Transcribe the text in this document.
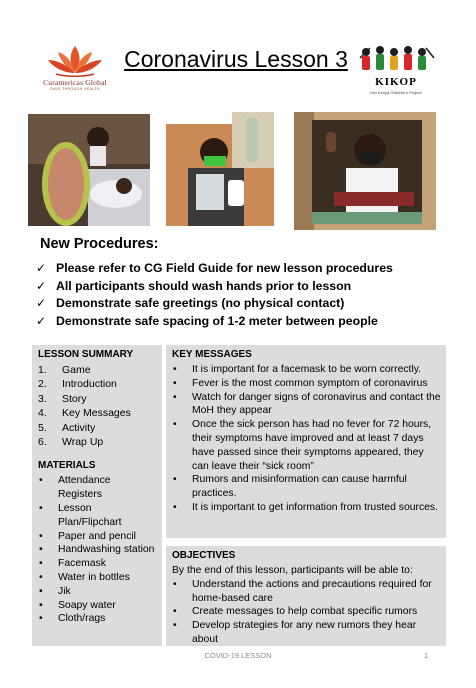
Curamericas Global
SAVE THROUGH HEALTH
Coronavirus Lesson 3
KIKOP
Kizi Kenya Children's Project
New Procedures:
✓ Please refer to CG Field Guide for new lesson procedures
✓ All participants should wash hands prior to lesson
✓ Demonstrate safe greetings (no physical contact)
✓ Demonstrate safe spacing of 1-2 meter between people
LESSON SUMMARY
1. Game
2. Introduction
3. Story
4. Key Messages
5. Activity
6. Wrap Up
MATERIALS
• Attendance Registers
• Lesson Plan/Flipchart
• Paper and pencil
• Handwashing station
• Facemask
• Water in bottles
• Jik
• Soapy water
• Cloth/rags
KEY MESSAGES
• It is important for a facemask to be worn correctly.
• Fever is the most common symptom of coronavirus
• Watch for danger signs of coronavirus and contact the MoH they appear
• Once the sick person has had no fever for 72 hours, their symptoms have improved and at least 7 days have passed since their symptoms appeared, they can leave their “sick room”
• Rumors and misinformation can cause harmful practices.
• It is important to get information from trusted sources.
OBJECTIVES
By the end of this lesson, participants will be able to:
• Understand the actions and precautions required for home-based care
• Create messages to help combat specific rumors
• Develop strategies for any new rumors they hear about
COVID-19 LESSON	1
